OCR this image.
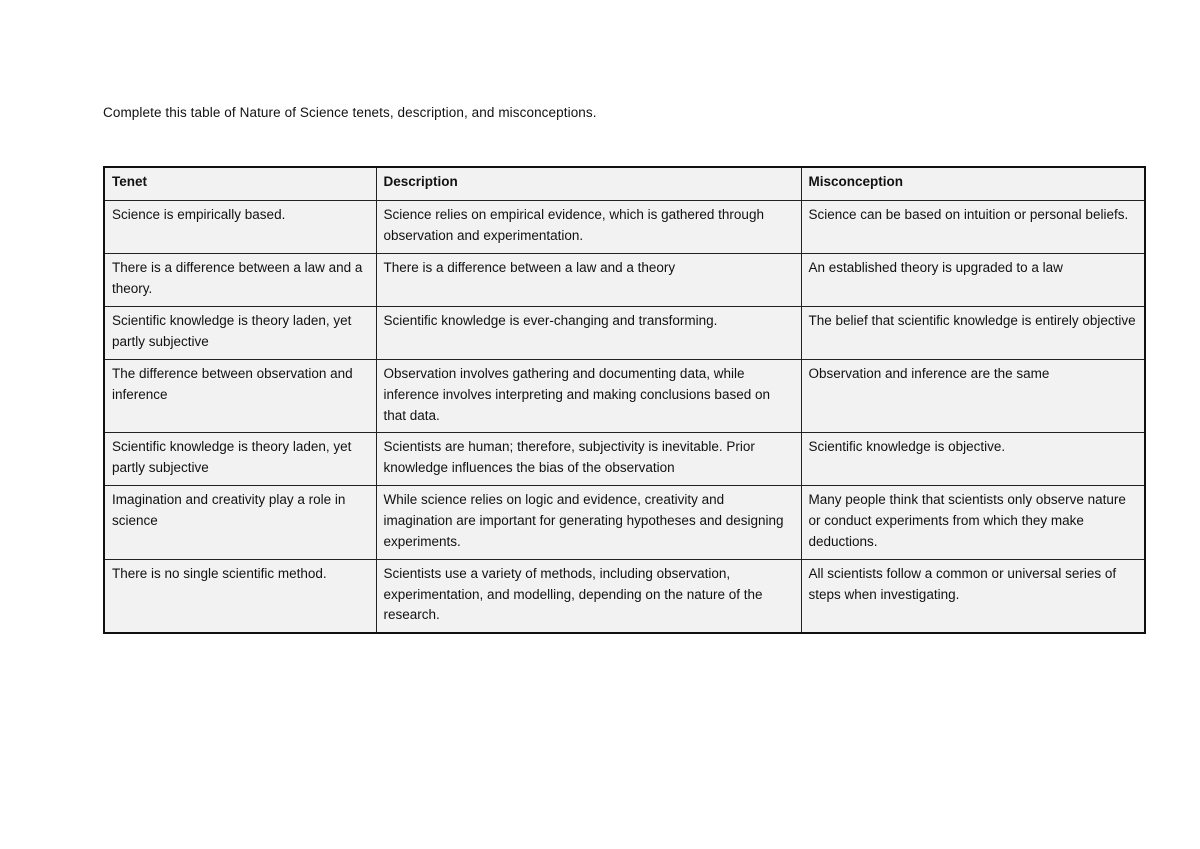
Complete this table of Nature of Science tenets, description, and misconceptions.
Tenet	Description	Misconception
Science is empirically based.	Science relies on empirical evidence, which is gathered through observation and experimentation.	Science can be based on intuition or personal beliefs.
There is a difference between a law and a theory.	There is a difference between a law and a theory	An established theory is upgraded to a law
Scientific knowledge is theory laden, yet partly subjective	Scientific knowledge is ever-changing and transforming.	The belief that scientific knowledge is entirely objective
The difference between observation and inference	Observation involves gathering and documenting data, while inference involves interpreting and making conclusions based on that data.	Observation and inference are the same
Scientific knowledge is theory laden, yet partly subjective	Scientists are human; therefore, subjectivity is inevitable. Prior knowledge influences the bias of the observation	Scientific knowledge is objective.
Imagination and creativity play a role in science	While science relies on logic and evidence, creativity and imagination are important for generating hypotheses and designing experiments.	Many people think that scientists only observe nature or conduct experiments from which they make deductions.
There is no single scientific method.	Scientists use a variety of methods, including observation, experimentation, and modelling, depending on the nature of the research.	All scientists follow a common or universal series of steps when investigating.
